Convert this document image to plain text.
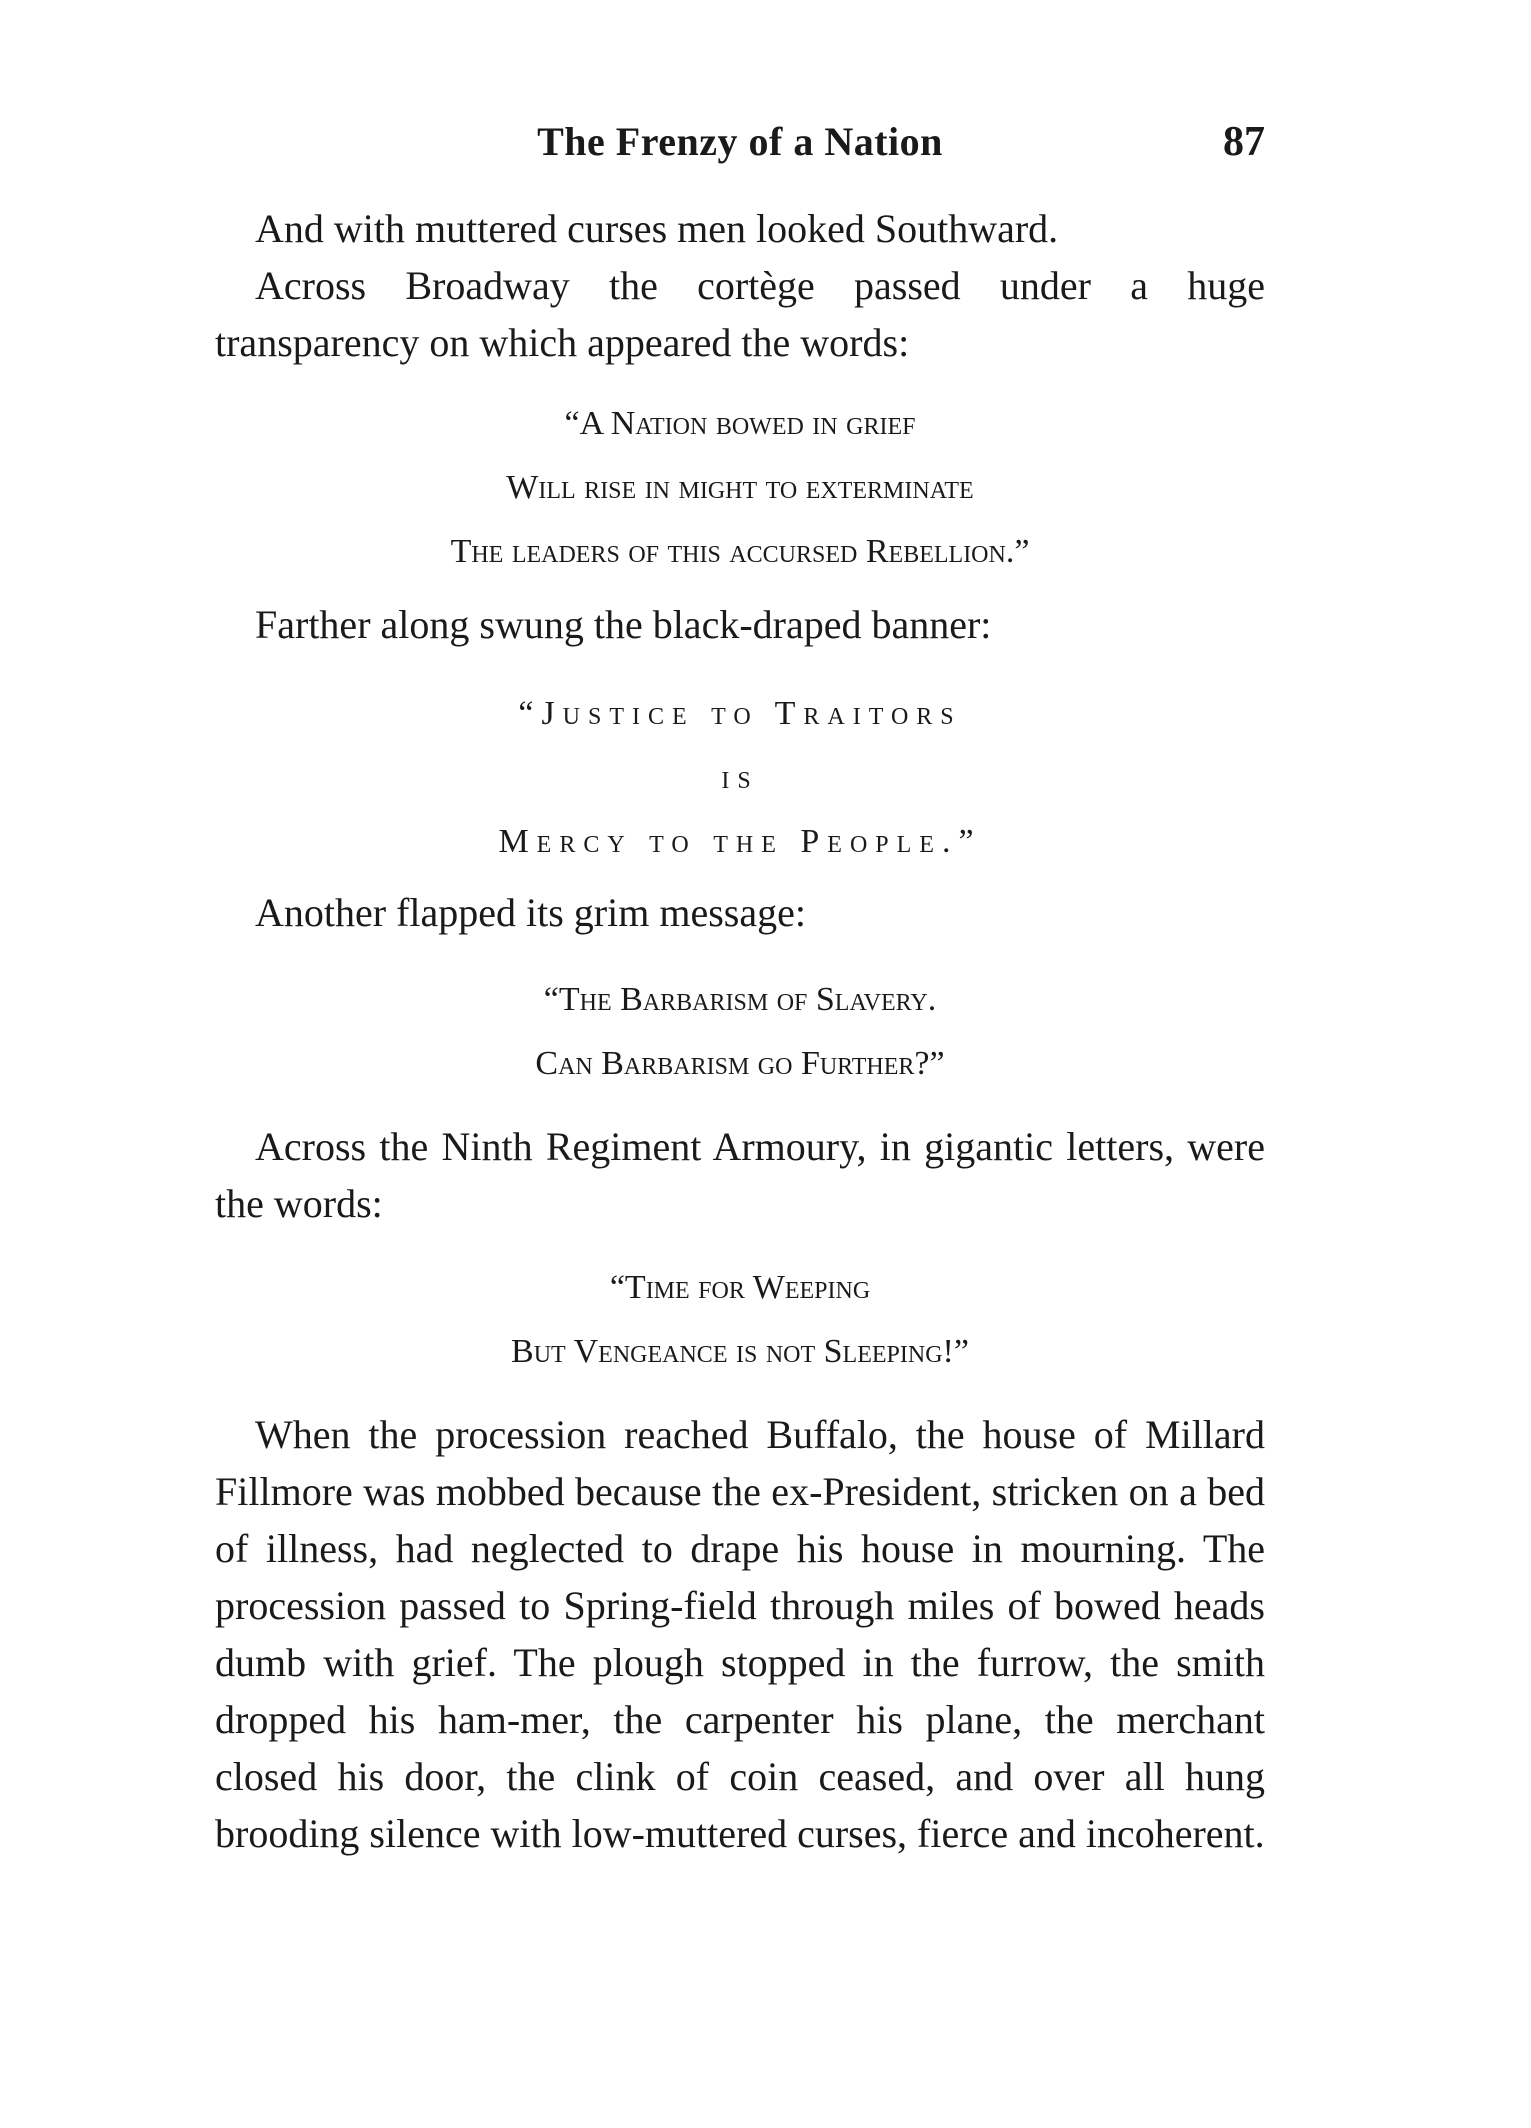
The Frenzy of a Nation	87

And with muttered curses men looked Southward.

Across Broadway the cortège passed under a huge transparency on which appeared the words:

“A Nation bowed in grief
Will rise in might to exterminate
The leaders of this accursed Rebellion.”

Farther along swung the black-draped banner:

“Justice to Traitors
is
Mercy to the People.”

Another flapped its grim message:

“The Barbarism of Slavery.
Can Barbarism go Further?”

Across the Ninth Regiment Armoury, in gigantic letters, were the words:

“Time for Weeping
But Vengeance is not Sleeping!”

When the procession reached Buffalo, the house of Millard Fillmore was mobbed because the ex-President, stricken on a bed of illness, had neglected to drape his house in mourning. The procession passed to Spring-field through miles of bowed heads dumb with grief. The plough stopped in the furrow, the smith dropped his ham-mer, the carpenter his plane, the merchant closed his door, the clink of coin ceased, and over all hung brooding silence with low-muttered curses, fierce and incoherent.
